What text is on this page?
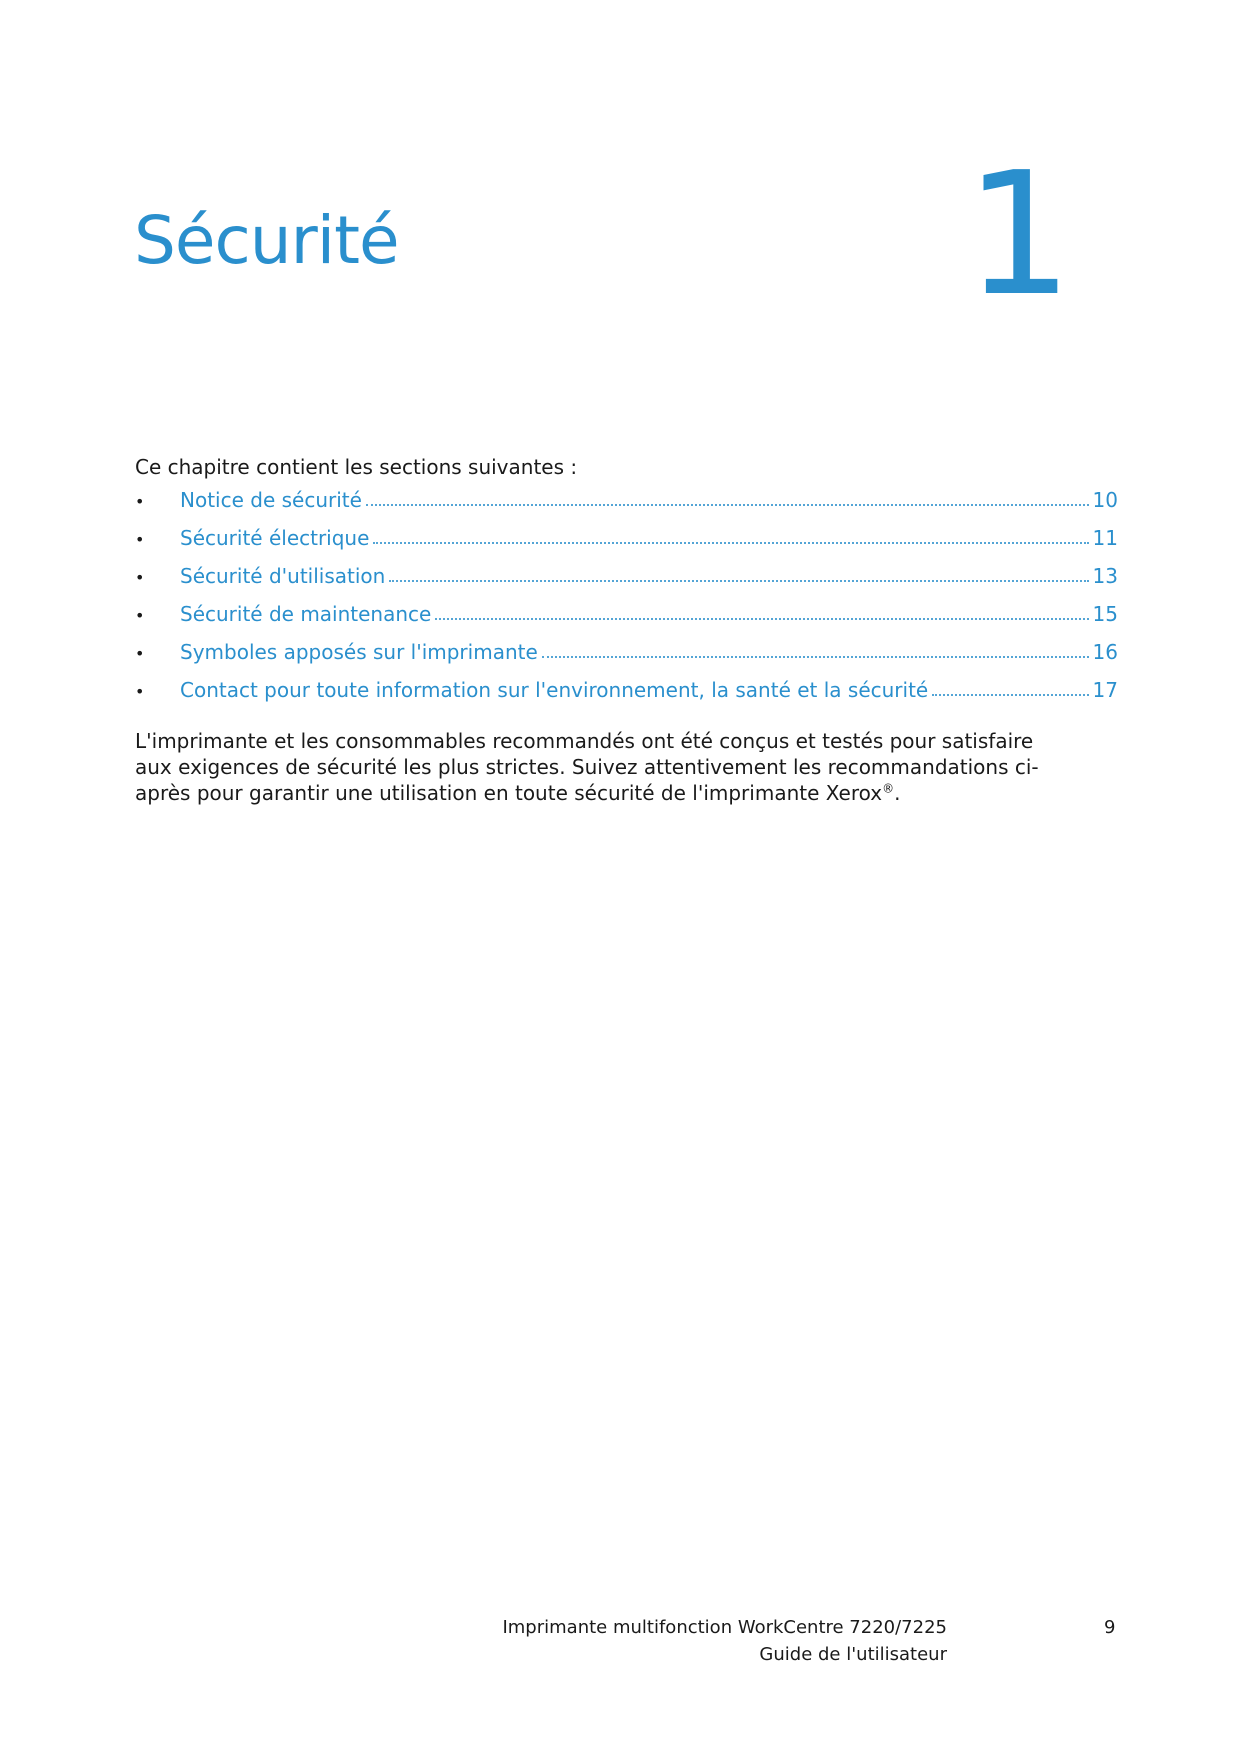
Sécurité	1

Ce chapitre contient les sections suivantes :

•	Notice de sécurité	10
•	Sécurité électrique	11
•	Sécurité d'utilisation	13
•	Sécurité de maintenance	15
•	Symboles apposés sur l'imprimante	16
•	Contact pour toute information sur l'environnement, la santé et la sécurité	17

L'imprimante et les consommables recommandés ont été conçus et testés pour satisfaire aux exigences de sécurité les plus strictes. Suivez attentivement les recommandations ci-après pour garantir une utilisation en toute sécurité de l'imprimante Xerox®.

Imprimante multifonction WorkCentre 7220/7225
Guide de l'utilisateur
9
